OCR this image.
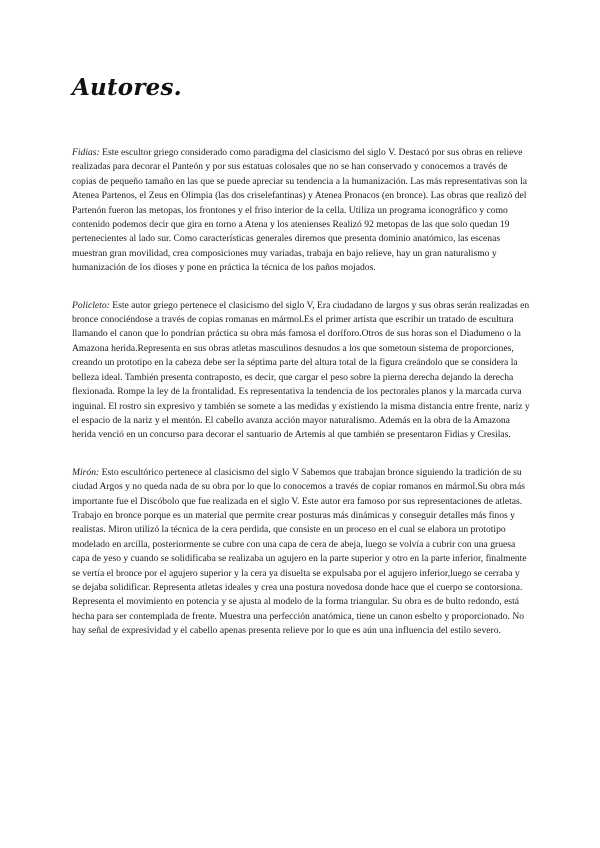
Autores.

Fidias: Este escultor griego considerado como paradigma del clasicismo del siglo V. Destacó por sus obras en relieve realizadas para decorar el Panteón y por sus estatuas colosales que no se han conservado y conocemos a través de copias de pequeño tamaño en las que se puede apreciar su tendencia a la humanización. Las más representativas son la Atenea Partenos, el Zeus en Olimpia (las dos criselefantinas) y Atenea Pronacos (en bronce). Las obras que realizó del Partenón fueron las metopas, los frontones y el friso interior de la cella. Utiliza un programa iconográfico y como contenido podemos decir que gira en torno a Atena y los atenienses Realizó 92 metopas de las que solo quedan 19 pertenecientes al lado sur. Como características generales diremos que presenta dominio anatómico, las escenas muestran gran movilidad, crea composiciones muy variadas, trabaja en bajo relieve, hay un gran naturalismo y humanización de los dioses y pone en práctica la técnica de los paños mojados.

Policleto: Este autor griego pertenece el clasicismo del siglo V, Era ciudadano de largos y sus obras serán realizadas en bronce conociéndose a través de copias romanas en mármol.Es el primer artista que escribir un tratado de escultura llamando el canon que lo pondrían práctica su obra más famosa el doríforo.Otros de sus horas son el Diadumeno o la Amazona herida.Representa en sus obras atletas masculinos desnudos a los que sometoun sistema de proporciones, creando un prototipo en la cabeza debe ser la séptima parte del altura total de la figura creándolo que se considera la belleza ideal. También presenta contraposto, es decir, que cargar el peso sobre la pierna derecha dejando la derecha flexionada. Rompe la ley de la frontalidad. Es representativa la tendencia de los pectorales planos y la marcada curva inguinal. El rostro sin expresivo y también se somete a las medidas y existiendo la misma distancia entre frente, nariz y el espacio de la nariz y el mentón. El cabello avanza acción mayor naturalismo. Además en la obra de la Amazona herida venció en un concurso para decorar el santuario de Artemis al que también se presentaron Fidias y Cresilas.

Mirón: Esto escultórico pertenece al clasicismo del siglo V Sabemos que trabajan bronce siguiendo la tradición de su ciudad Argos y no queda nada de su obra por lo que lo conocemos a través de copiar romanos en mármol.Su obra más importante fue el Discóbolo que fue realizada en el siglo V. Este autor era famoso por sus representaciones de atletas. Trabajo en bronce porque es un material que permite crear posturas más dinámicas y conseguir detalles más finos y realistas. Miron utilizó la técnica de la cera perdida, que consiste en un proceso en el cual se elabora un prototipo modelado en arcilla, posteriormente se cubre con una capa de cera de abeja, luego se volvía a cubrir con una gruesa capa de yeso y cuando se solidificaba se realizaba un agujero en la parte superior y otro en la parte inferior, finalmente se vertía el bronce por el agujero superior y la cera ya disuelta se expulsaba por el agujero inferior,luego se cerraba y se dejaba solidificar. Representa atletas ideales y crea una postura novedosa donde hace que el cuerpo se contorsiona. Representa el movimiento en potencia y se ajusta al modelo de la forma triangular. Su obra es de bulto redondo, está hecha para ser contemplada de frente. Muestra una perfección anatómica, tiene un canon esbelto y proporcionado. No hay señal de expresividad y el cabello apenas presenta relieve por lo que es aún una influencia del estilo severo.
